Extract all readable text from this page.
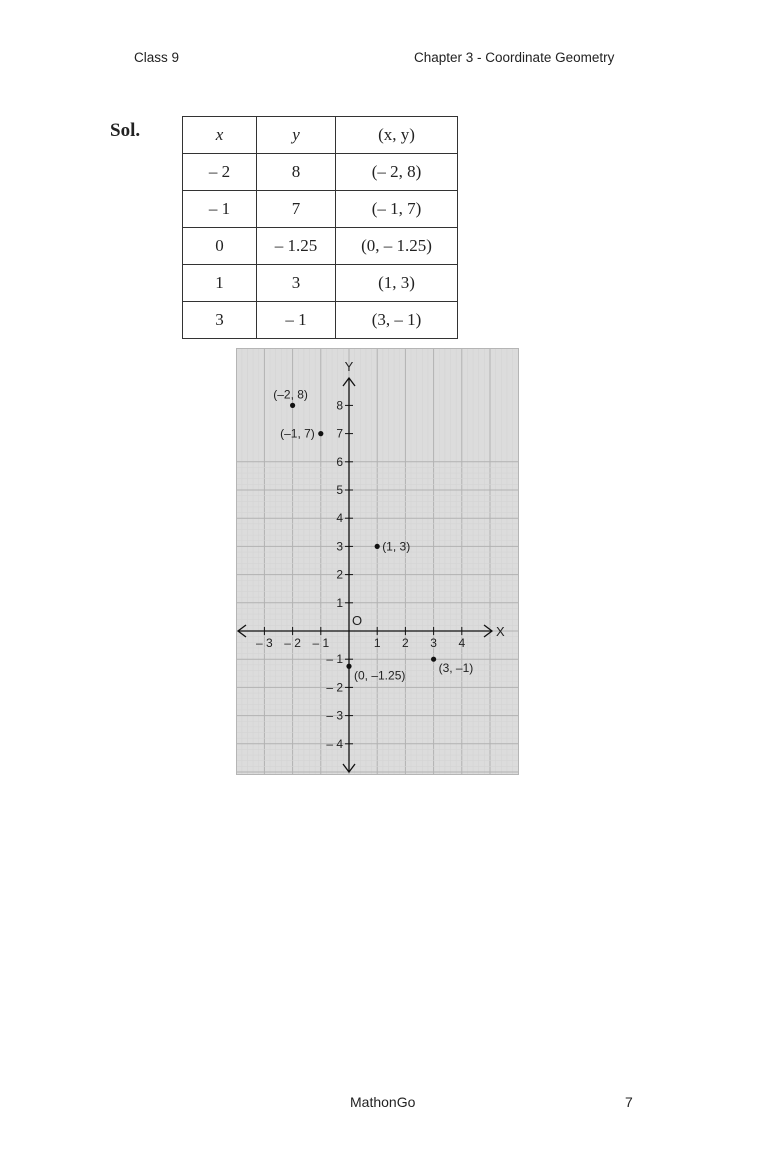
Class 9	Chapter 3 - Coordinate Geometry
Sol.	x	y	(x, y)
– 2	8	(– 2, 8)
– 1	7	(– 1, 7)
0	– 1.25	(0, – 1.25)
1	3	(1, 3)
3	– 1	(3, – 1)
Y
X
O
– 3 – 2 – 1	1 2 3 4
8
7
6
5
4
3
2
1
– 1
– 2
– 3
– 4
(–2, 8)
(–1, 7)
(0, –1.25)
(1, 3)
(3, –1)
MathonGo	7
